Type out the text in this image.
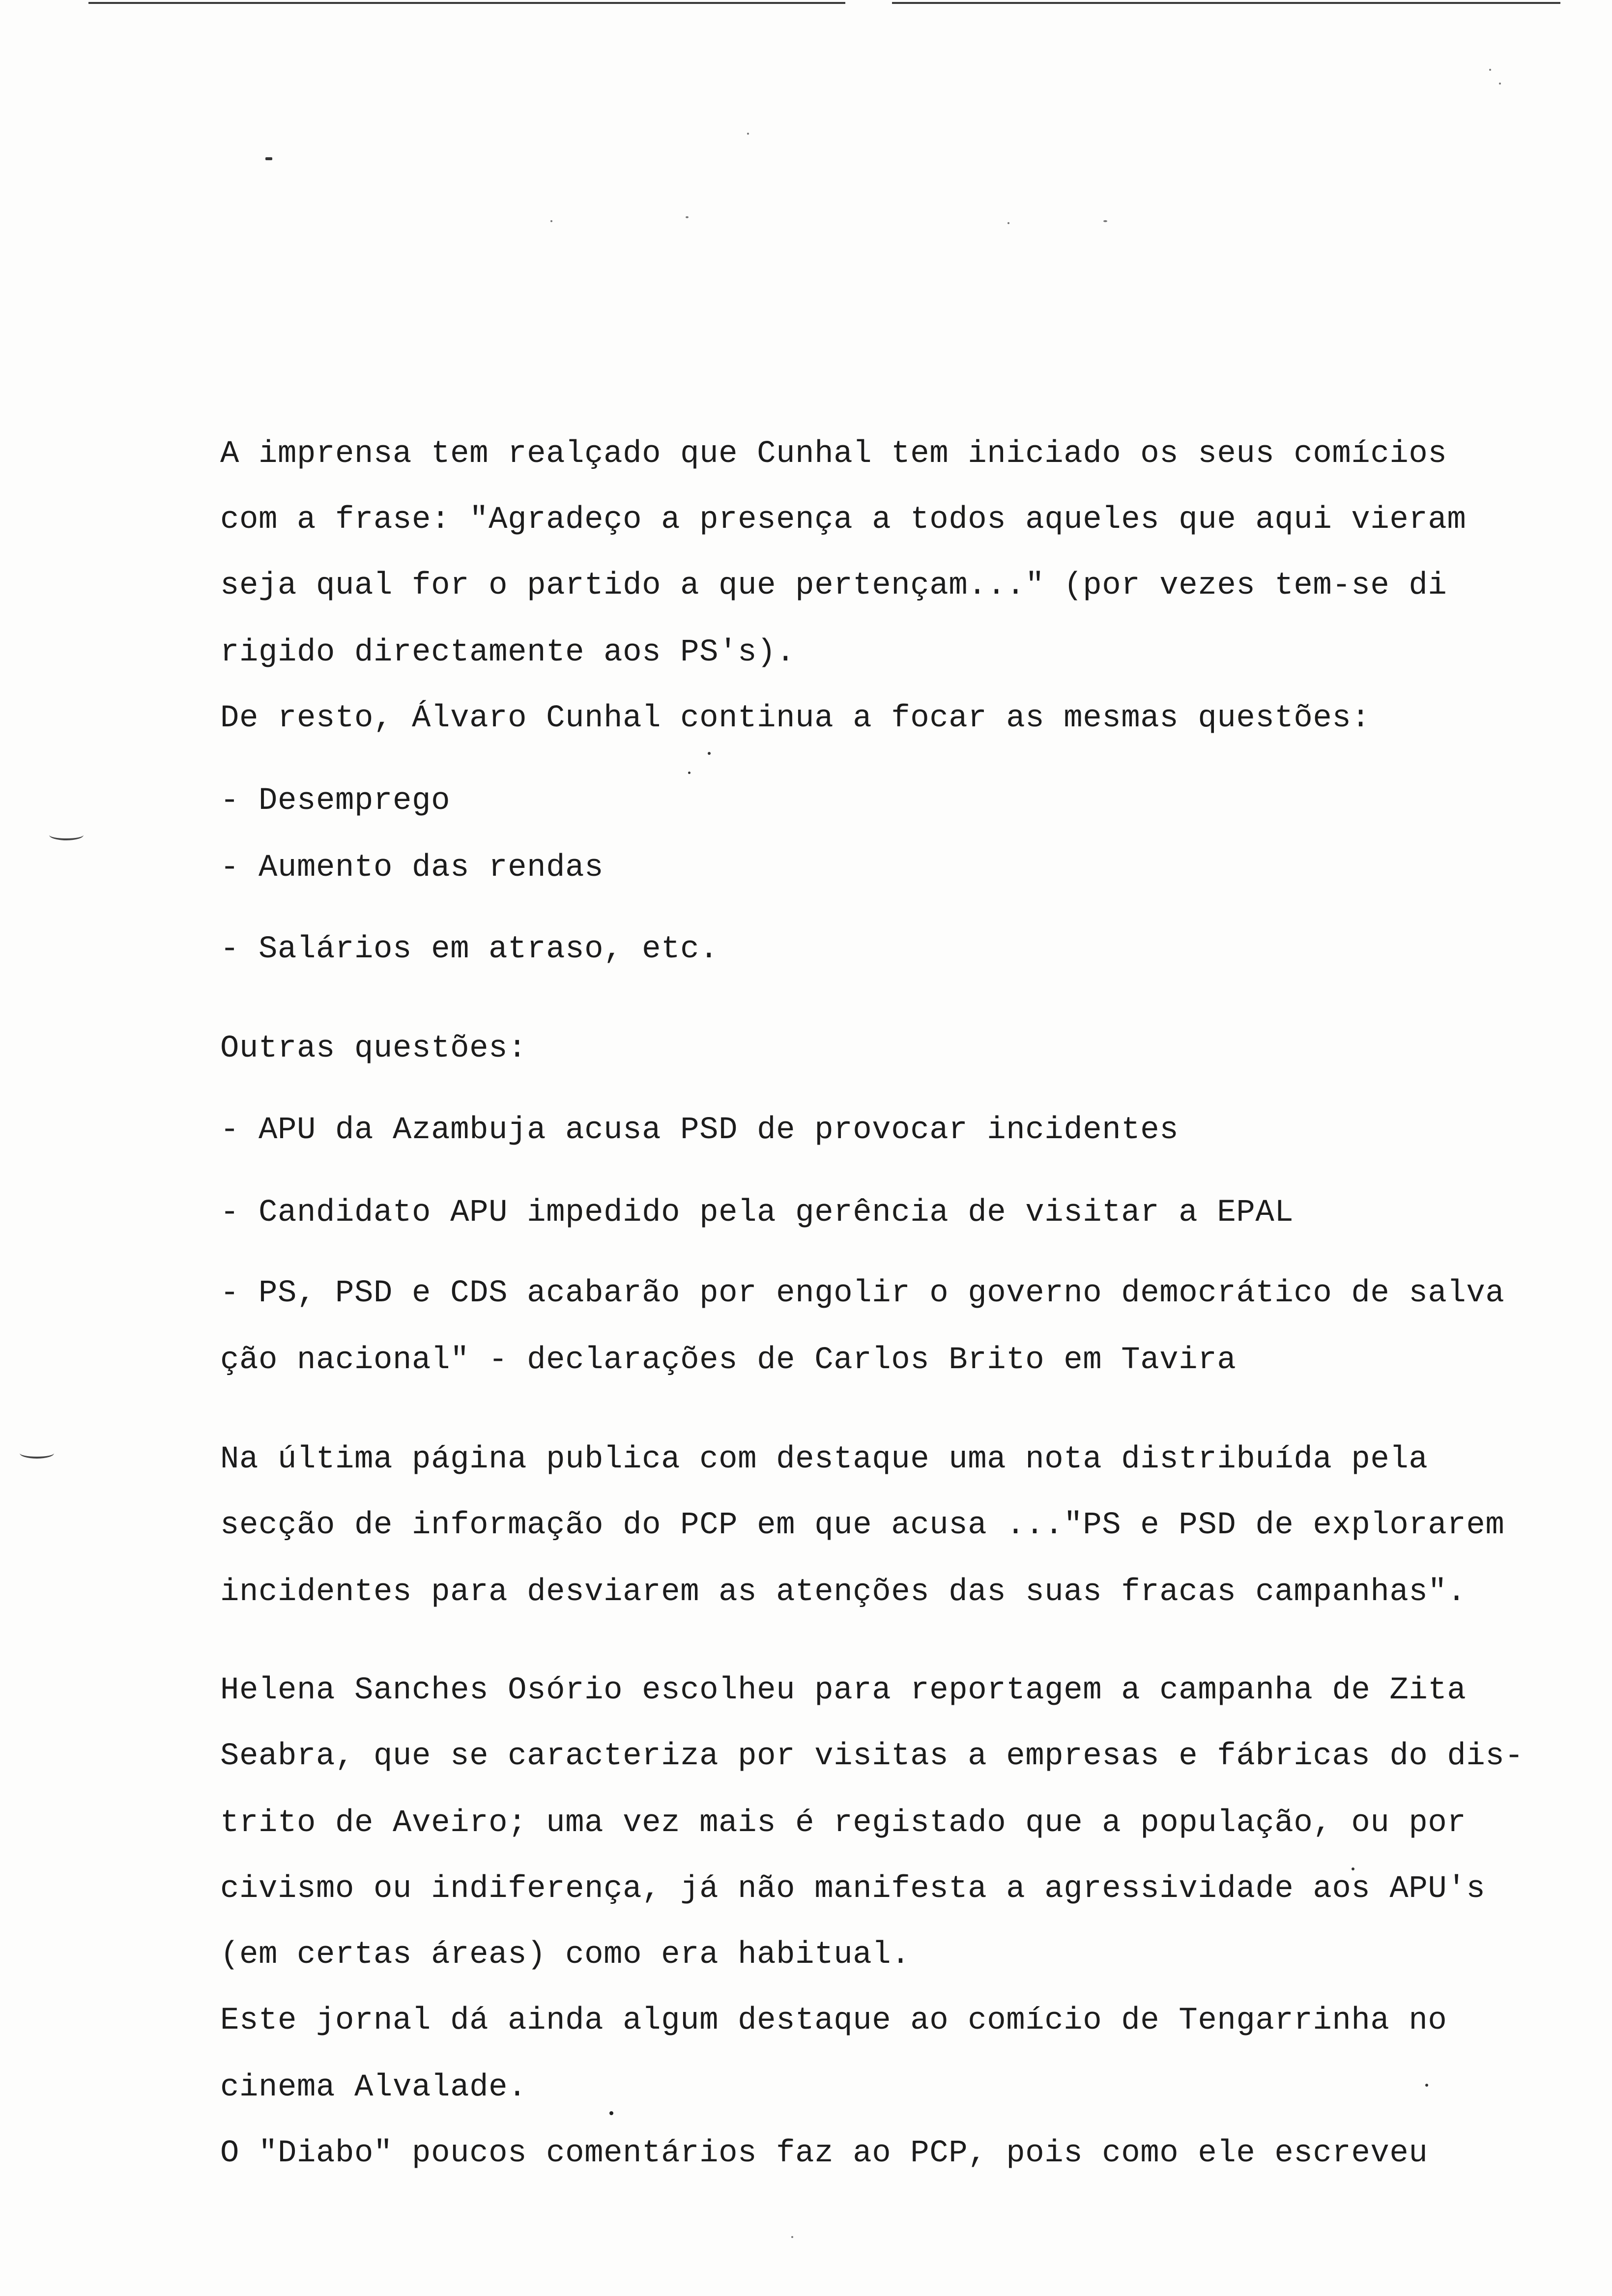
A imprensa tem realçado que Cunhal tem iniciado os seus comícios
com a frase: "Agradeço a presença a todos aqueles que aqui vieram
seja qual for o partido a que pertençam..." (por vezes tem-se di
rigido directamente aos PS's).
De resto, Álvaro Cunhal continua a focar as mesmas questões:
- Desemprego
- Aumento das rendas
- Salários em atraso, etc.
Outras questões:
- APU da Azambuja acusa PSD de provocar incidentes
- Candidato APU impedido pela gerência de visitar a EPAL
- PS, PSD e CDS acabarão por engolir o governo democrático de salva
ção nacional" - declarações de Carlos Brito em Tavira
Na última página publica com destaque uma nota distribuída pela
secção de informação do PCP em que acusa ..."PS e PSD de explorarem
incidentes para desviarem as atenções das suas fracas campanhas".
Helena Sanches Osório escolheu para reportagem a campanha de Zita
Seabra, que se caracteriza por visitas a empresas e fábricas do dis-
trito de Aveiro; uma vez mais é registado que a população, ou por
civismo ou indiferença, já não manifesta a agressividade aos APU's
(em certas áreas) como era habitual.
Este jornal dá ainda algum destaque ao comício de Tengarrinha no
cinema Alvalade.
O "Diabo" poucos comentários faz ao PCP, pois como ele escreveu
